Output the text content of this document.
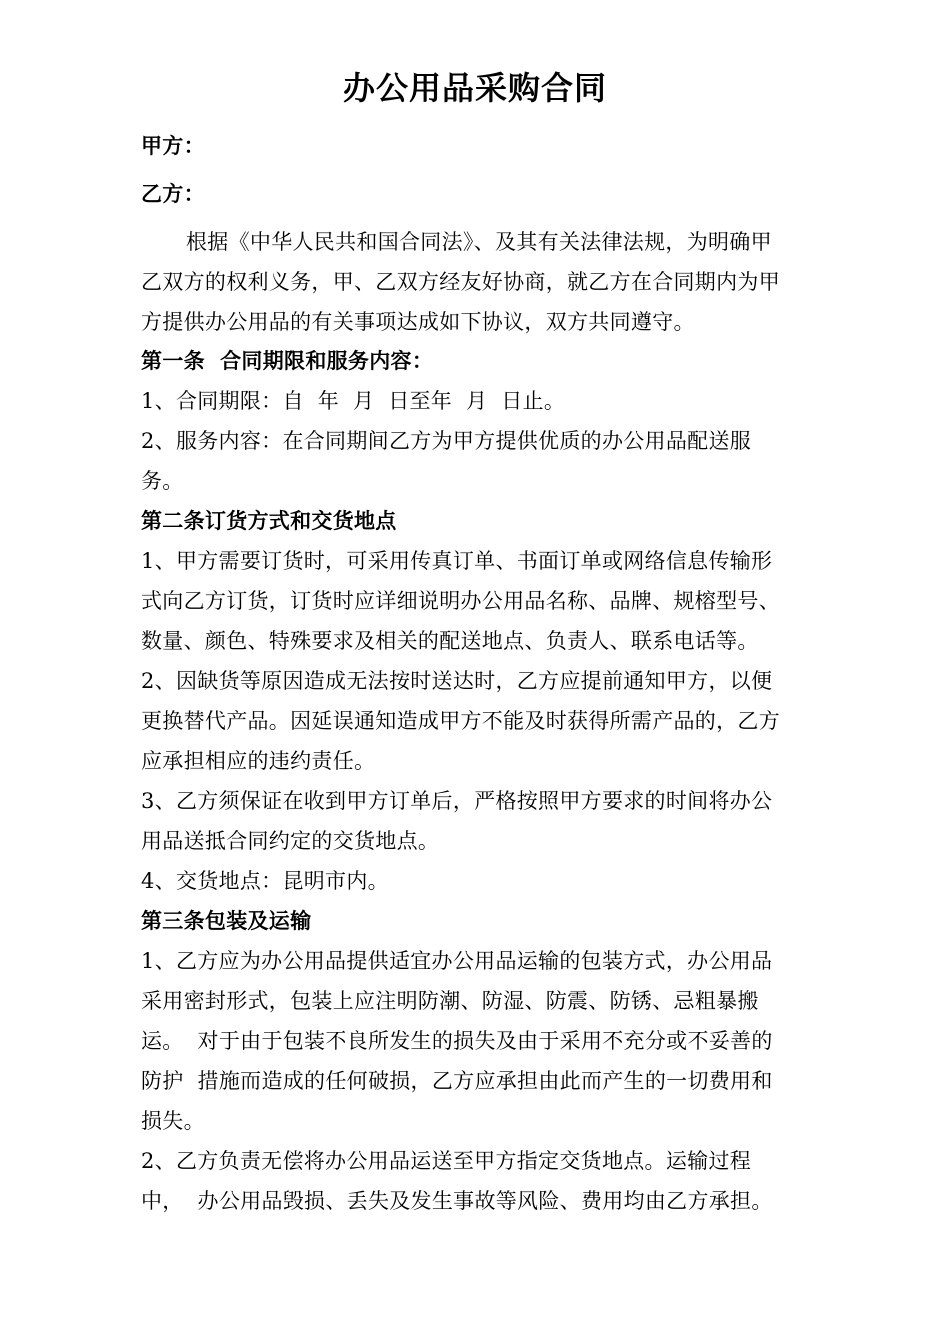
办公用品采购合同
甲方：
乙方：
根据《中华人民共和国合同法》、及其有关法律法规，为明确甲
乙双方的权利义务，甲、乙双方经友好协商，就乙方在合同期内为甲
方提供办公用品的有关事项达成如下协议，双方共同遵守。
第一条  合同期限和服务内容：
1、合同期限：自  年  月  日至年  月  日止。
2、服务内容：在合同期间乙方为甲方提供优质的办公用品配送服
务。
第二条订货方式和交货地点
1、甲方需要订货时，可采用传真订单、书面订单或网络信息传输形
式向乙方订货，订货时应详细说明办公用品名称、品牌、规榕型号、
数量、颜色、特殊要求及相关的配送地点、负责人、联系电话等。
2、因缺货等原因造成无法按时送达时，乙方应提前通知甲方，以便
更换替代产品。因延误通知造成甲方不能及时获得所需产品的，乙方
应承担相应的违约责任。
3、乙方须保证在收到甲方订单后，严格按照甲方要求的时间将办公
用品送抵合同约定的交货地点。
4、交货地点：昆明市内。
第三条包装及运输
1、乙方应为办公用品提供适宜办公用品运输的包装方式，办公用品
采用密封形式，包装上应注明防潮、防湿、防震、防锈、忌粗暴搬
运。  对于由于包装不良所发生的损失及由于采用不充分或不妥善的
防护  措施而造成的任何破损，乙方应承担由此而产生的一切费用和
损失。
2、乙方负责无偿将办公用品运送至甲方指定交货地点。运输过程
中，  办公用品毁损、丢失及发生事故等风险、费用均由乙方承担。
